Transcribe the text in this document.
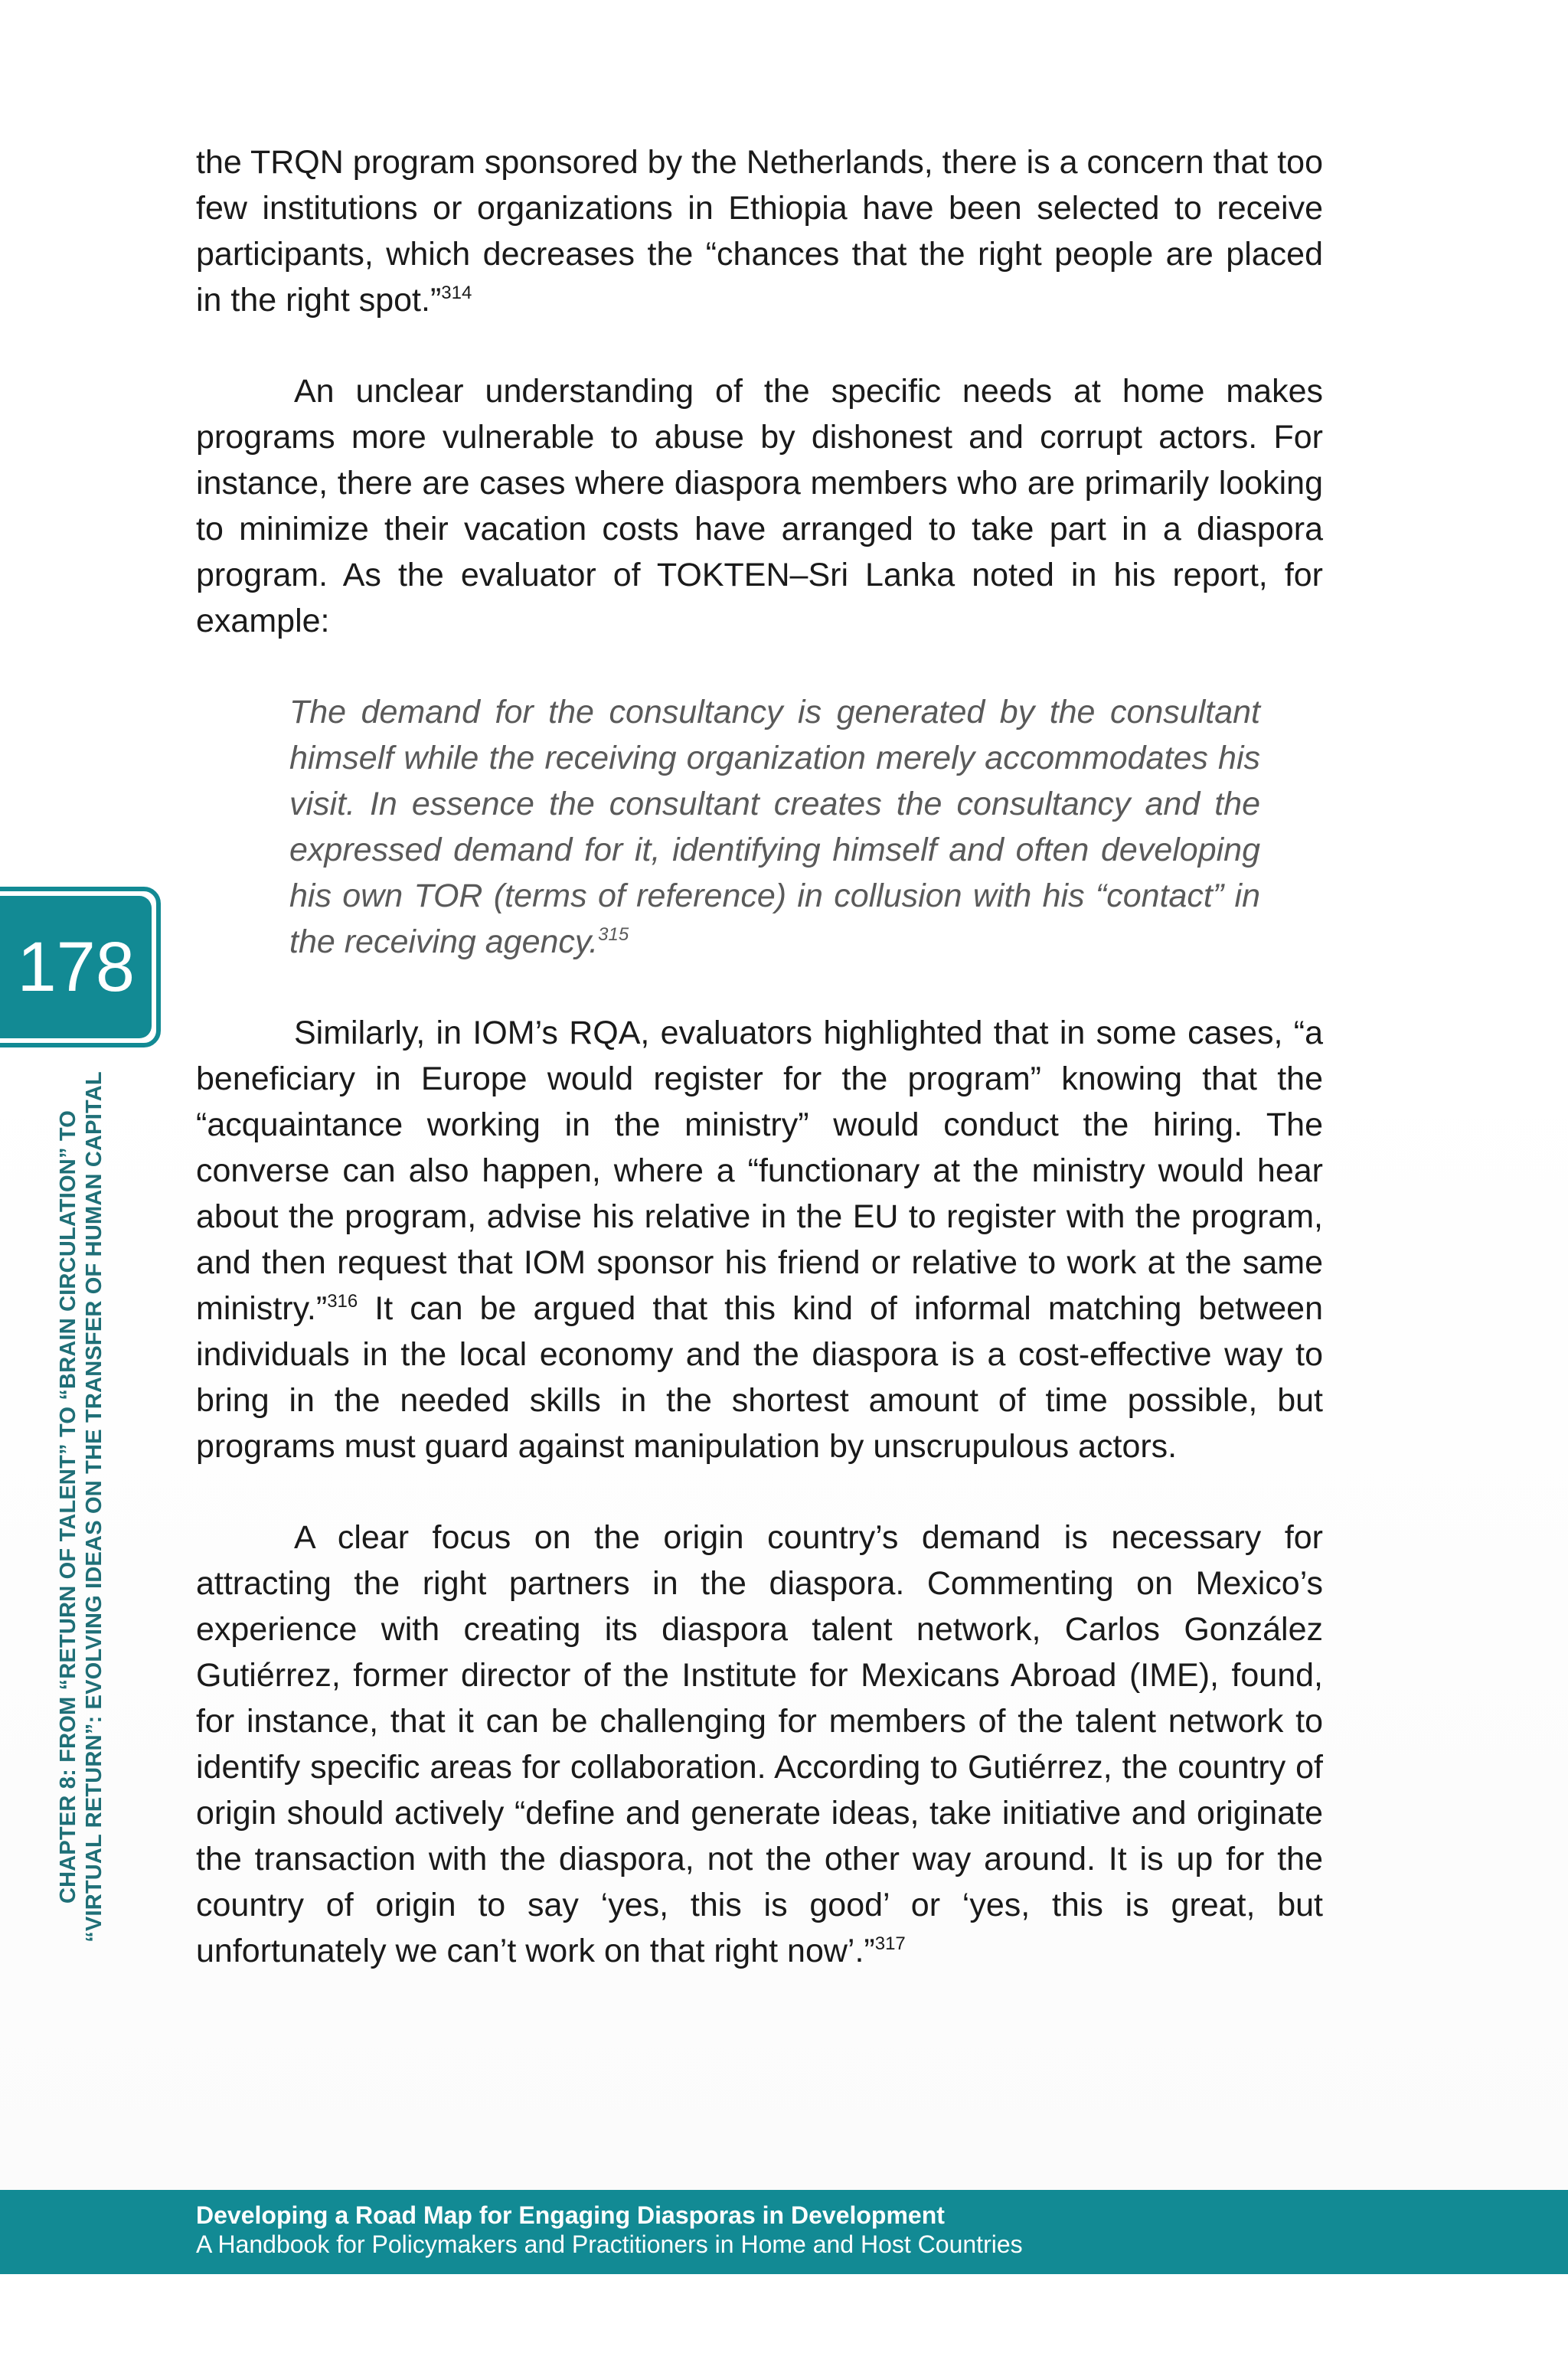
178
CHAPTER 8: FROM “RETURN OF TALENT” TO “BRAIN CIRCULATION” TO “VIRTUAL RETURN”: EVOLVING IDEAS ON THE TRANSFER OF HUMAN CAPITAL

the TRQN program sponsored by the Netherlands, there is a concern that too few institutions or organizations in Ethiopia have been selected to receive participants, which decreases the “chances that the right people are placed in the right spot.”$^{314}$

An unclear understanding of the specific needs at home makes programs more vulnerable to abuse by dishonest and corrupt actors. For instance, there are cases where diaspora members who are primarily looking to minimize their vacation costs have arranged to take part in a diaspora program. As the evaluator of TOKTEN–Sri Lanka noted in his report, for example:

The demand for the consultancy is generated by the consultant himself while the receiving organization merely accommodates his visit. In essence the consultant creates the consultancy and the expressed demand for it, identifying himself and often developing his own TOR (terms of reference) in collusion with his “contact” in the receiving agency.$^{315}$

Similarly, in IOM’s RQA, evaluators highlighted that in some cases, “a beneficiary in Europe would register for the program” knowing that the “acquaintance working in the ministry” would conduct the hiring. The converse can also happen, where a “functionary at the ministry would hear about the program, advise his relative in the EU to register with the program, and then request that IOM sponsor his friend or relative to work at the same ministry.”$^{316}$ It can be argued that this kind of informal matching between individuals in the local economy and the diaspora is a cost-effective way to bring in the needed skills in the shortest amount of time possible, but programs must guard against manipulation by unscrupulous actors.

A clear focus on the origin country’s demand is necessary for attracting the right partners in the diaspora. Commenting on Mexico’s experience with creating its diaspora talent network, Carlos González Gutiérrez, former director of the Institute for Mexicans Abroad (IME), found, for instance, that it can be challenging for members of the talent network to identify specific areas for collaboration. According to Gutiérrez, the country of origin should actively “define and generate ideas, take initiative and originate the transaction with the diaspora, not the other way around. It is up for the country of origin to say ‘yes, this is good’ or ‘yes, this is great, but unfortunately we can’t work on that right now’.”$^{317}$

Developing a Road Map for Engaging Diasporas in Development
A Handbook for Policymakers and Practitioners in Home and Host Countries
